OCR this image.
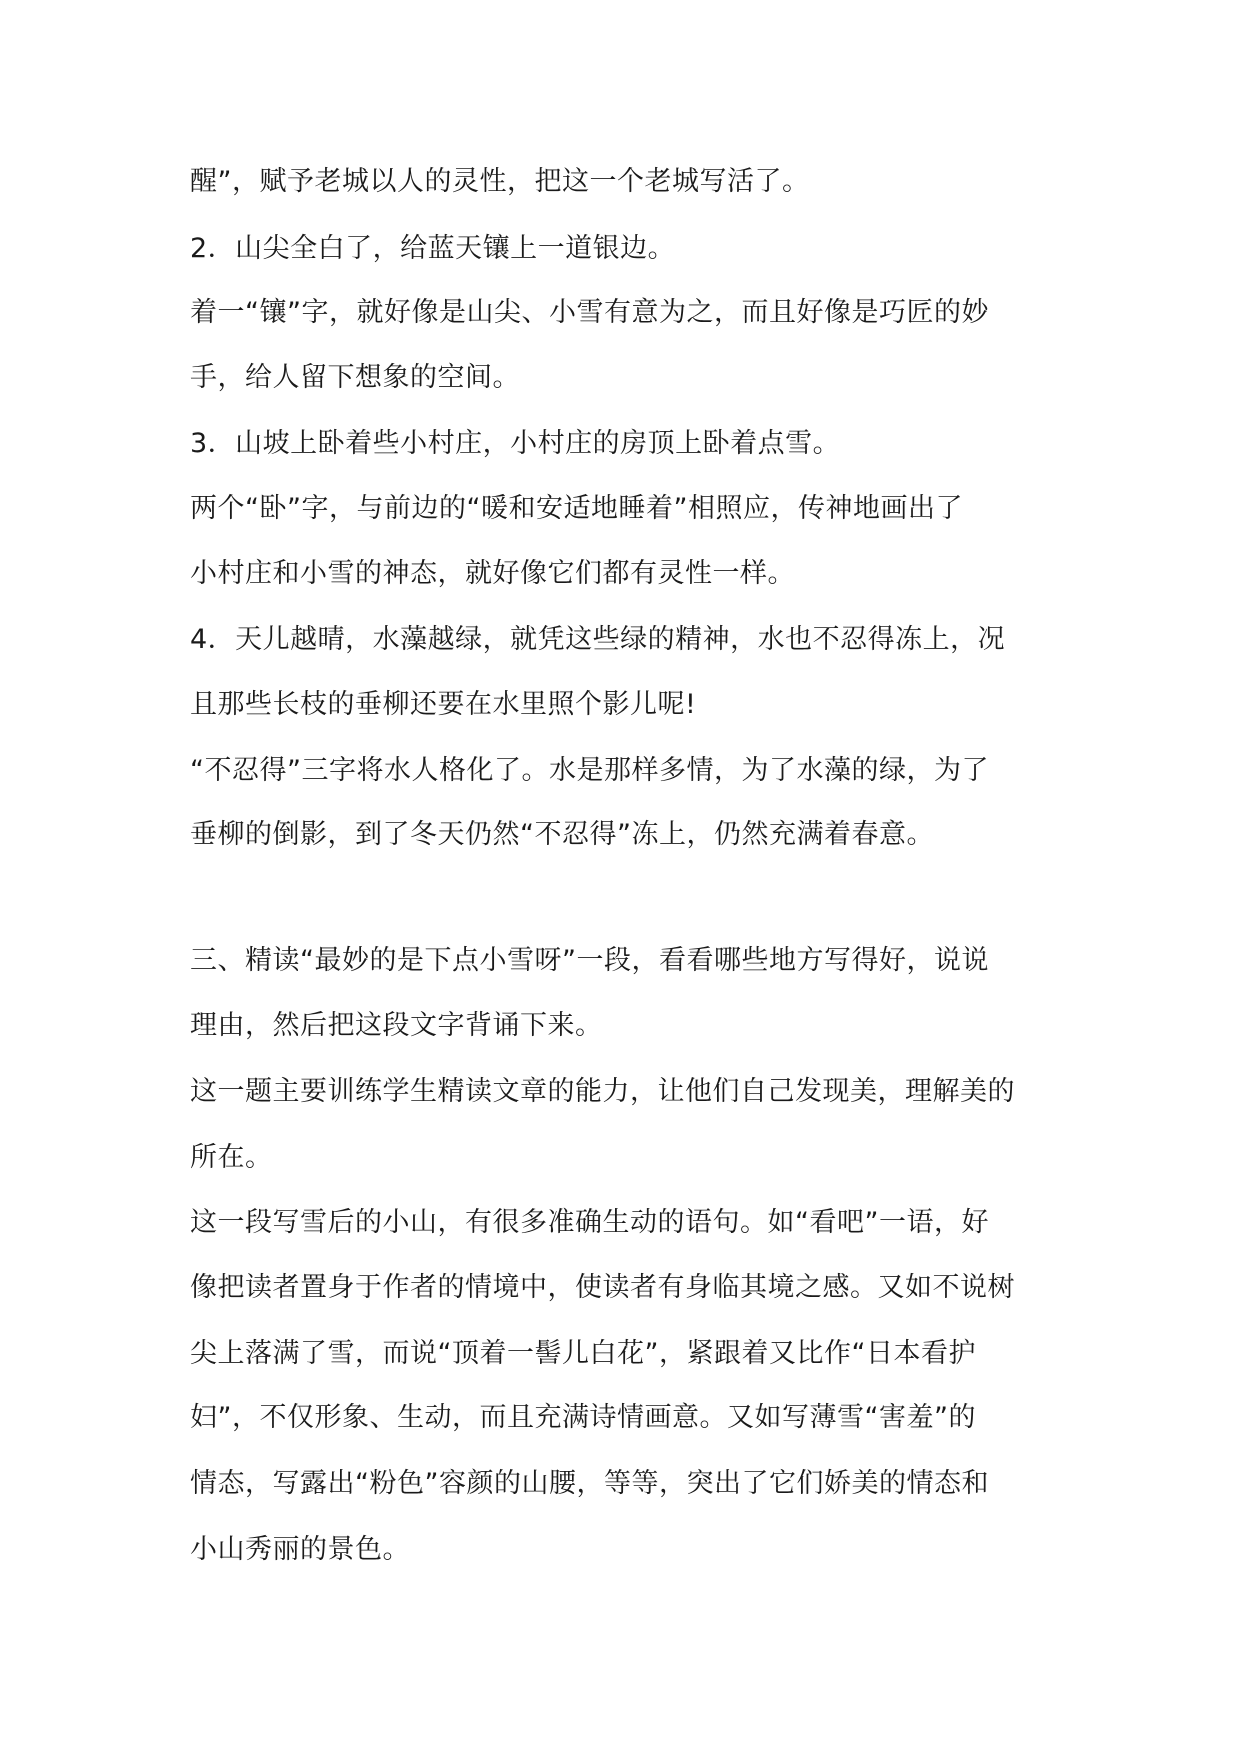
醒”，赋予老城以人的灵性，把这一个老城写活了。
2．山尖全白了，给蓝天镶上一道银边。
着一“镶”字，就好像是山尖、小雪有意为之，而且好像是巧匠的妙
手，给人留下想象的空间。
3．山坡上卧着些小村庄，小村庄的房顶上卧着点雪。
两个“卧”字，与前边的“暖和安适地睡着”相照应，传神地画出了
小村庄和小雪的神态，就好像它们都有灵性一样。
4．天儿越晴，水藻越绿，就凭这些绿的精神，水也不忍得冻上，况
且那些长枝的垂柳还要在水里照个影儿呢!
“不忍得”三字将水人格化了。水是那样多情，为了水藻的绿，为了
垂柳的倒影，到了冬天仍然“不忍得”冻上，仍然充满着春意。
三、精读“最妙的是下点小雪呀”一段，看看哪些地方写得好，说说
理由，然后把这段文字背诵下来。
这一题主要训练学生精读文章的能力，让他们自己发现美，理解美的
所在。
这一段写雪后的小山，有很多准确生动的语句。如“看吧”一语，好
像把读者置身于作者的情境中，使读者有身临其境之感。又如不说树
尖上落满了雪，而说“顶着一髻儿白花”，紧跟着又比作“日本看护
妇”，不仅形象、生动，而且充满诗情画意。又如写薄雪“害羞”的
情态，写露出“粉色”容颜的山腰，等等，突出了它们娇美的情态和
小山秀丽的景色。
